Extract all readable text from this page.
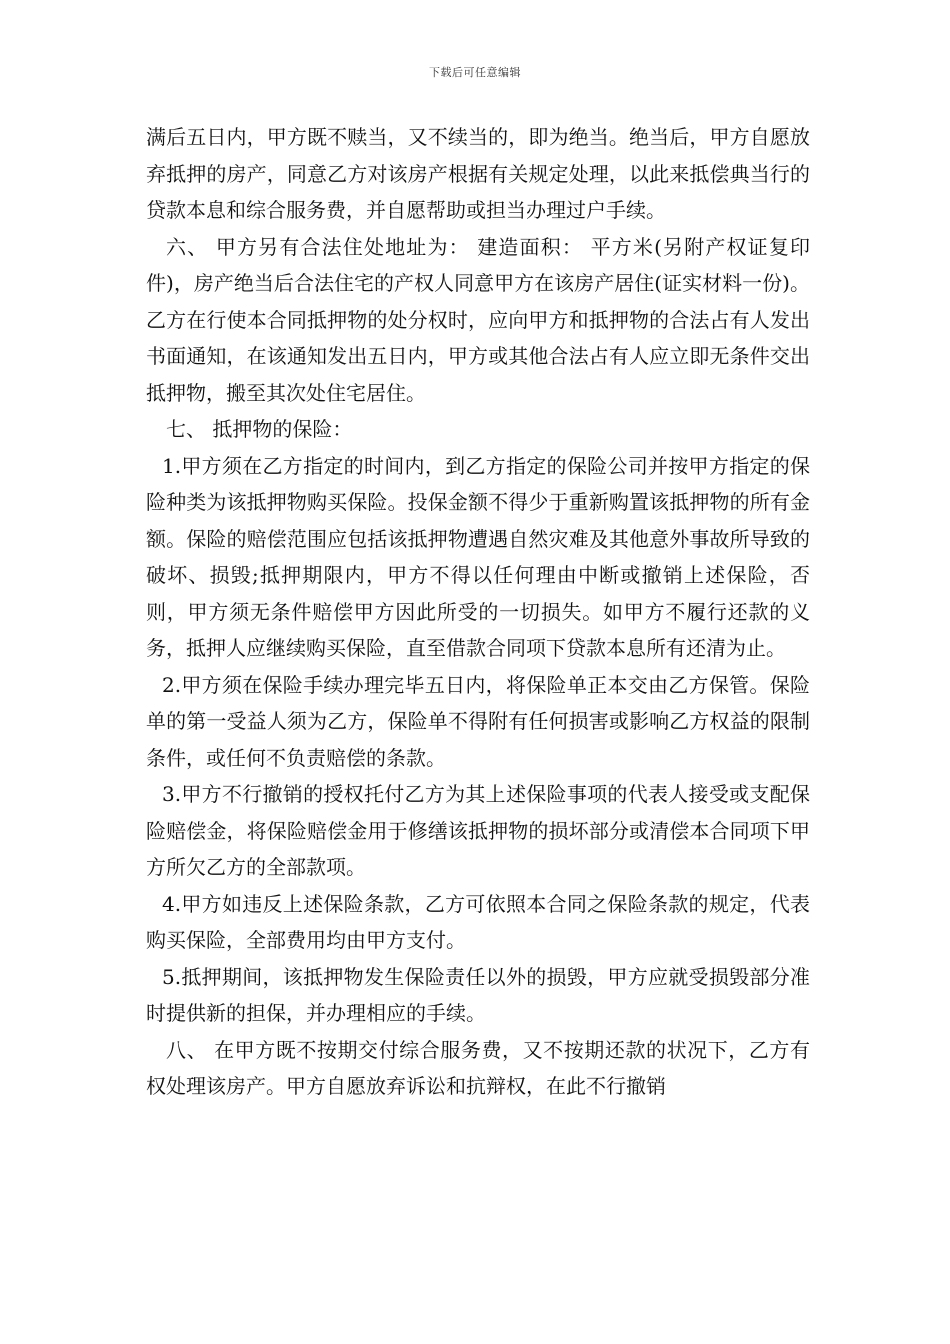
下载后可任意编辑

满后五日内，甲方既不赎当，又不续当的，即为绝当。绝当后，甲方自愿放弃抵押的房产，同意乙方对该房产根据有关规定处理，以此来抵偿典当行的贷款本息和综合服务费，并自愿帮助或担当办理过户手续。

六、 甲方另有合法住处地址为： 建造面积： 平方米(另附产权证复印件)，房产绝当后合法住宅的产权人同意甲方在该房产居住(证实材料一份)。乙方在行使本合同抵押物的处分权时，应向甲方和抵押物的合法占有人发出书面通知，在该通知发出五日内，甲方或其他合法占有人应立即无条件交出抵押物，搬至其次处住宅居住。

七、 抵押物的保险：

1.甲方须在乙方指定的时间内，到乙方指定的保险公司并按甲方指定的保险种类为该抵押物购买保险。投保金额不得少于重新购置该抵押物的所有金额。保险的赔偿范围应包括该抵押物遭遇自然灾难及其他意外事故所导致的破坏、损毁;抵押期限内，甲方不得以任何理由中断或撤销上述保险，否则，甲方须无条件赔偿甲方因此所受的一切损失。如甲方不履行还款的义务，抵押人应继续购买保险，直至借款合同项下贷款本息所有还清为止。

2.甲方须在保险手续办理完毕五日内，将保险单正本交由乙方保管。保险单的第一受益人须为乙方，保险单不得附有任何损害或影响乙方权益的限制条件，或任何不负责赔偿的条款。

3.甲方不行撤销的授权托付乙方为其上述保险事项的代表人接受或支配保险赔偿金，将保险赔偿金用于修缮该抵押物的损坏部分或清偿本合同项下甲方所欠乙方的全部款项。

4.甲方如违反上述保险条款，乙方可依照本合同之保险条款的规定，代表购买保险，全部费用均由甲方支付。

5.抵押期间，该抵押物发生保险责任以外的损毁，甲方应就受损毁部分准时提供新的担保，并办理相应的手续。

八、 在甲方既不按期交付综合服务费，又不按期还款的状况下，乙方有权处理该房产。甲方自愿放弃诉讼和抗辩权，在此不行撤销
